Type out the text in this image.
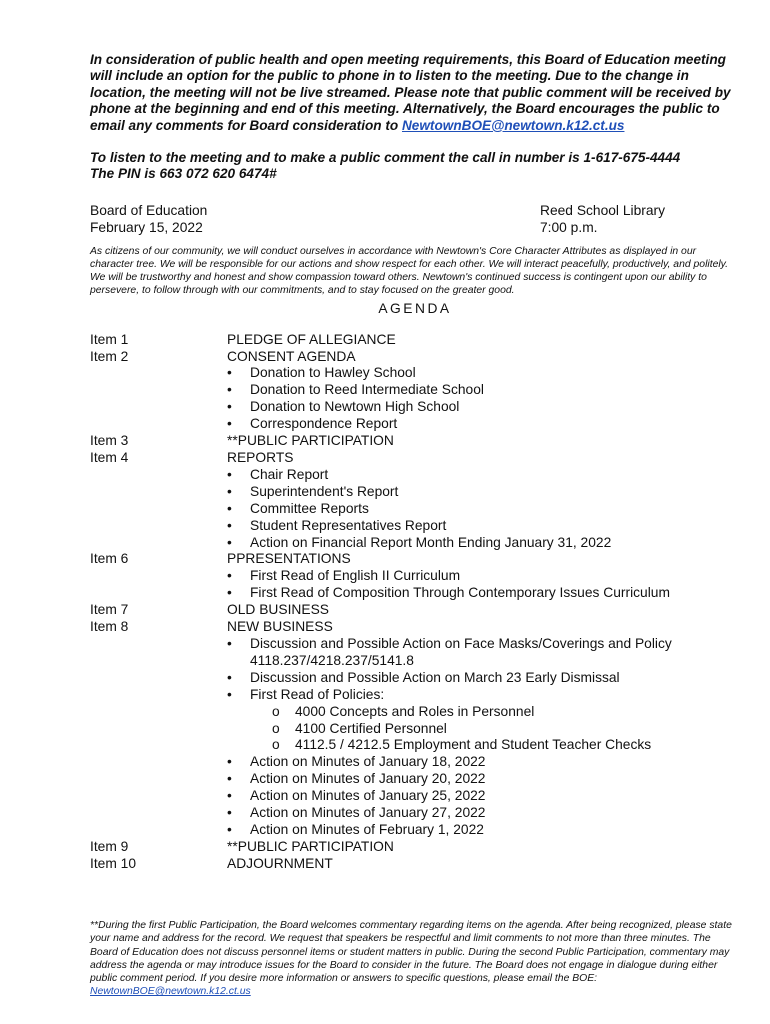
In consideration of public health and open meeting requirements, this Board of Education meeting will include an option for the public to phone in to listen to the meeting. Due to the change in location, the meeting will not be live streamed. Please note that public comment will be received by phone at the beginning and end of this meeting. Alternatively, the Board encourages the public to email any comments for Board consideration to NewtownBOE@newtown.k12.ct.us

To listen to the meeting and to make a public comment the call in number is 1-617-675-4444
The PIN is 663 072 620 6474#

Board of Education
February 15, 2022
Reed School Library
7:00 p.m.
As citizens of our community, we will conduct ourselves in accordance with Newtown's Core Character Attributes as displayed in our character tree. We will be responsible for our actions and show respect for each other. We will interact peacefully, productively, and politely. We will be trustworthy and honest and show compassion toward others. Newtown's continued success is contingent upon our ability to persevere, to follow through with our commitments, and to stay focused on the greater good.
AGENDA
Item 1	PLEDGE OF ALLEGIANCE
Item 2	CONSENT AGENDA
•	Donation to Hawley School
•	Donation to Reed Intermediate School
•	Donation to Newtown High School
•	Correspondence Report
Item 3	**PUBLIC PARTICIPATION
Item 4	REPORTS
•	Chair Report
•	Superintendent's Report
•	Committee Reports
•	Student Representatives Report
•	Action on Financial Report Month Ending January 31, 2022
Item 6	PPRESENTATIONS
•	First Read of English II Curriculum
•	First Read of Composition Through Contemporary Issues Curriculum
Item 7	OLD BUSINESS
Item 8	NEW BUSINESS
•	Discussion and Possible Action on Face Masks/Coverings and Policy 4118.237/4218.237/5141.8
•	Discussion and Possible Action on March 23 Early Dismissal
•	First Read of Policies:
o	4000 Concepts and Roles in Personnel
o	4100 Certified Personnel
o	4112.5 / 4212.5 Employment and Student Teacher Checks
•	Action on Minutes of January 18, 2022
•	Action on Minutes of January 20, 2022
•	Action on Minutes of January 25, 2022
•	Action on Minutes of January 27, 2022
•	Action on Minutes of February 1, 2022
Item 9	**PUBLIC PARTICIPATION
Item 10	ADJOURNMENT
**During the first Public Participation, the Board welcomes commentary regarding items on the agenda. After being recognized, please state your name and address for the record. We request that speakers be respectful and limit comments to not more than three minutes. The Board of Education does not discuss personnel items or student matters in public. During the second Public Participation, commentary may address the agenda or may introduce issues for the Board to consider in the future. The Board does not engage in dialogue during either public comment period. If you desire more information or answers to specific questions, please email the BOE: NewtownBOE@newtown.k12.ct.us
